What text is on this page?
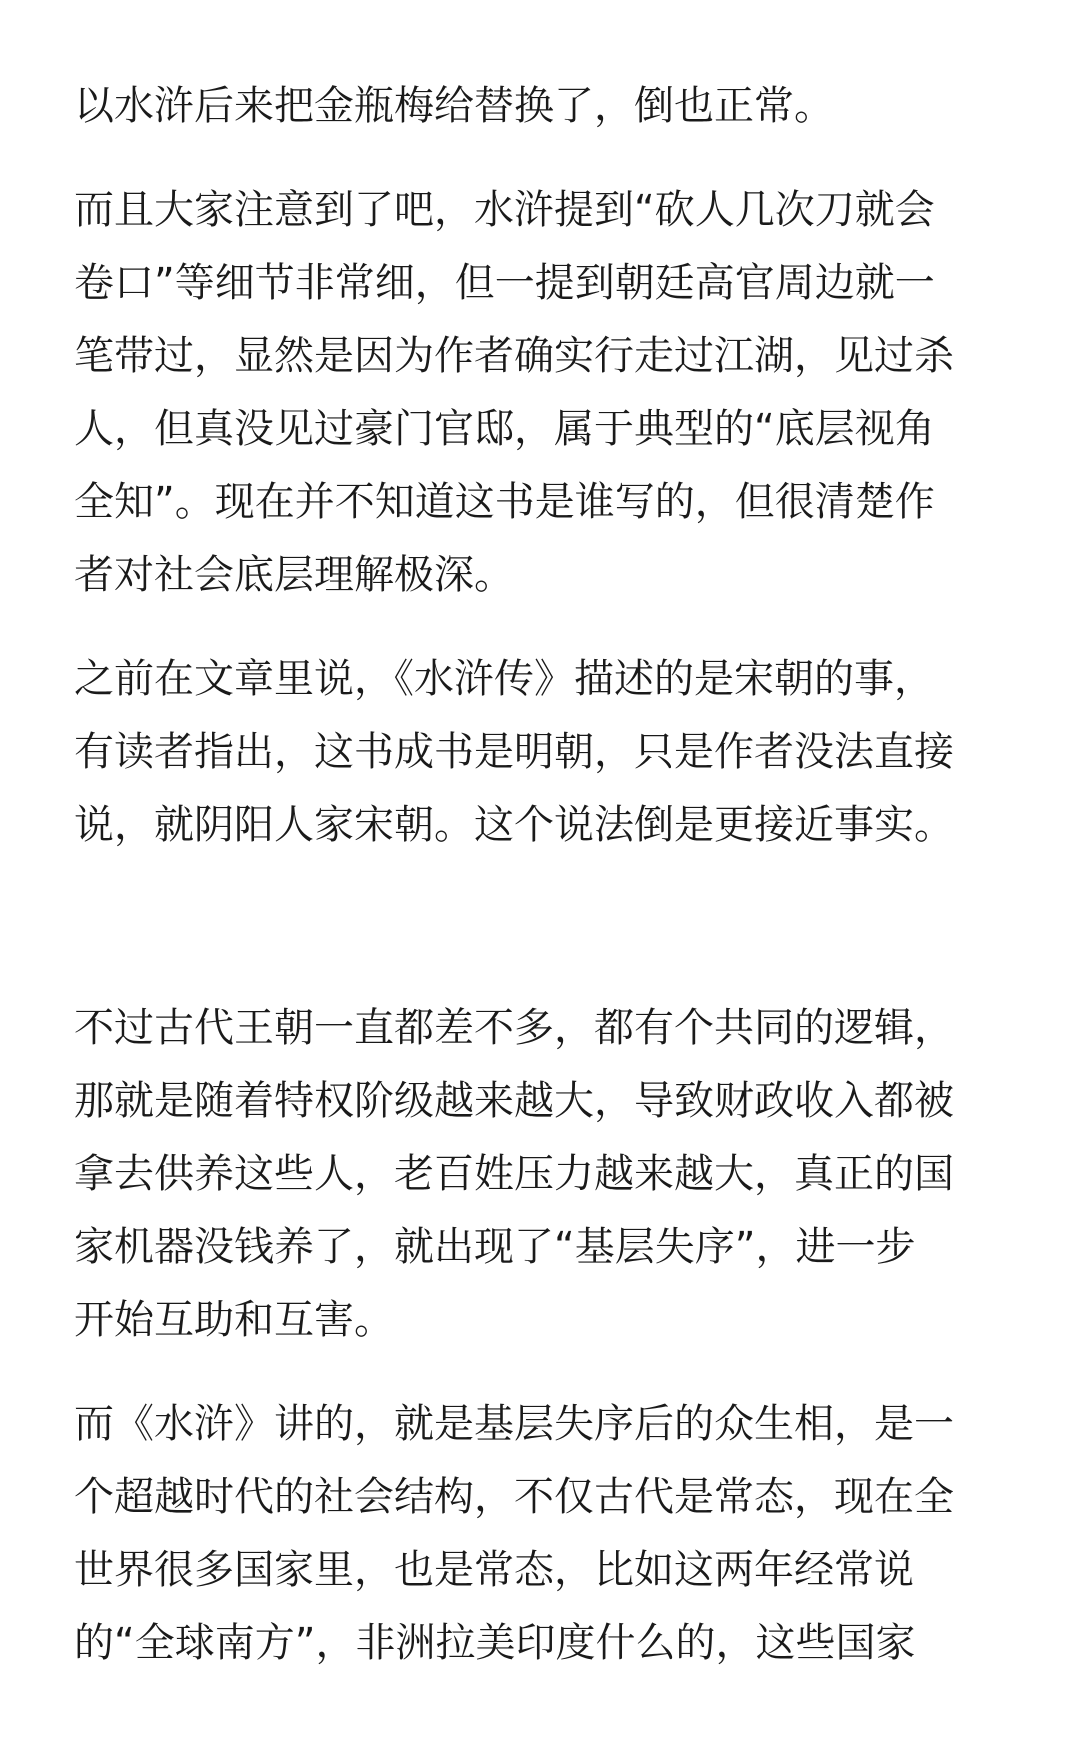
以水浒后来把金瓶梅给替换了，倒也正常。

而且大家注意到了吧，水浒提到“砍人几次刀就会
卷口”等细节非常细，但一提到朝廷高官周边就一
笔带过，显然是因为作者确实行走过江湖，见过杀
人，但真没见过豪门官邸，属于典型的“底层视角
全知”。现在并不知道这书是谁写的，但很清楚作
者对社会底层理解极深。

之前在文章里说，《水浒传》描述的是宋朝的事，
有读者指出，这书成书是明朝，只是作者没法直接
说，就阴阳人家宋朝。这个说法倒是更接近事实。

不过古代王朝一直都差不多，都有个共同的逻辑，
那就是随着特权阶级越来越大，导致财政收入都被
拿去供养这些人，老百姓压力越来越大，真正的国
家机器没钱养了，就出现了“基层失序”，进一步
开始互助和互害。

而《水浒》讲的，就是基层失序后的众生相，是一
个超越时代的社会结构，不仅古代是常态，现在全
世界很多国家里，也是常态，比如这两年经常说
的“全球南方”，非洲拉美印度什么的，这些国家
